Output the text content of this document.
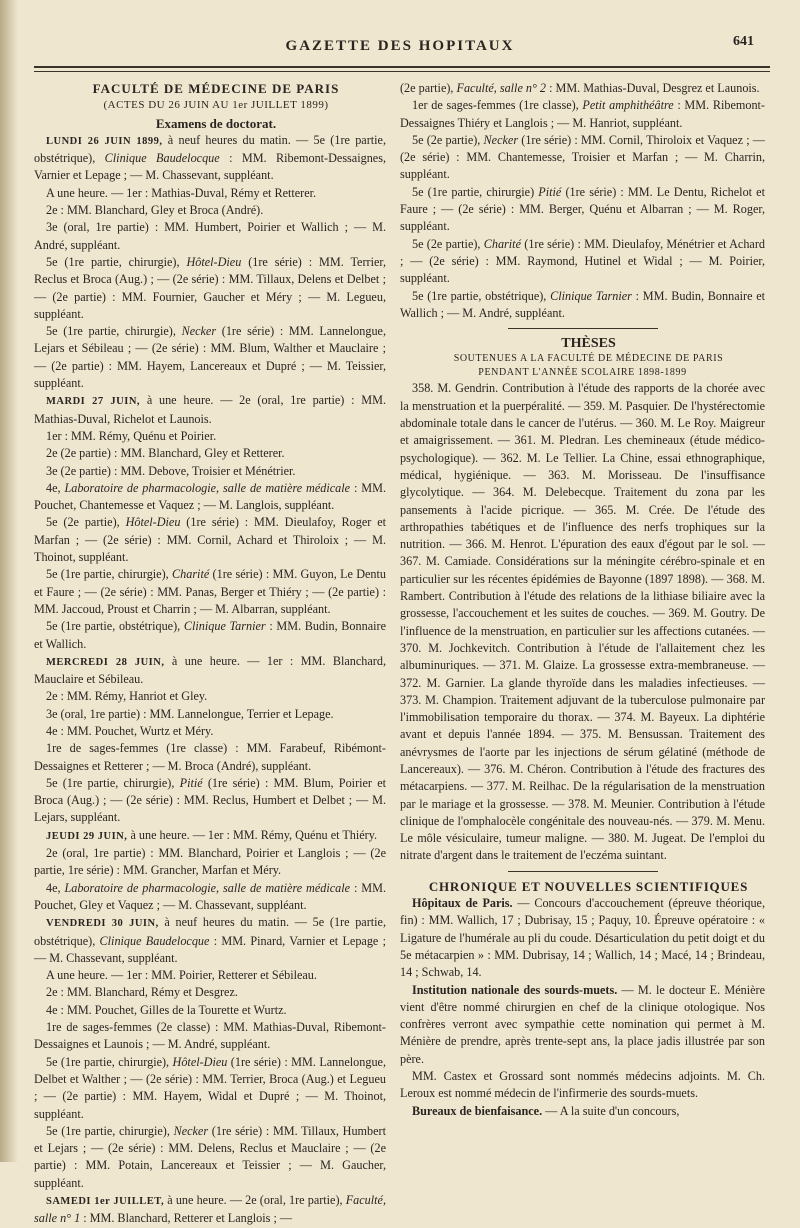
GAZETTE DES HOPITAUX	641

FACULTÉ DE MÉDECINE DE PARIS

(ACTES DU 26 JUIN AU 1er JUILLET 1899)

Examens de doctorat.

LUNDI 26 JUIN 1899, à neuf heures du matin. — 5e (1re partie, obstétrique), Clinique Baudelocque : MM. Ribemont-Dessaignes, Varnier et Lepage ; — M. Chassevant, suppléant.

A une heure. — 1er : Mathias-Duval, Rémy et Retterer.

2e : MM. Blanchard, Gley et Broca (André).

3e (oral, 1re partie) : MM. Humbert, Poirier et Wallich ; — M. André, suppléant.

5e (1re partie, chirurgie), Hôtel-Dieu (1re série) : MM. Terrier, Reclus et Broca (Aug.) ; — (2e série) : MM. Tillaux, Delens et Delbet ; — (2e partie) : MM. Fournier, Gaucher et Méry ; — M. Legueu, suppléant.

5e (1re partie, chirurgie), Necker (1re série) : MM. Lannelongue, Lejars et Sébileau ; — (2e série) : MM. Blum, Walther et Mauclaire ; — (2e partie) : MM. Hayem, Lancereaux et Dupré ; — M. Teissier, suppléant.

MARDI 27 JUIN, à une heure. — 2e (oral, 1re partie) : MM. Mathias-Duval, Richelot et Launois.

1er : MM. Rémy, Quénu et Poirier.

2e (2e partie) : MM. Blanchard, Gley et Retterer.

3e (2e partie) : MM. Debove, Troisier et Ménétrier.

4e, Laboratoire de pharmacologie, salle de matière médicale : MM. Pouchet, Chantemesse et Vaquez ; — M. Langlois, suppléant.

5e (2e partie), Hôtel-Dieu (1re série) : MM. Dieulafoy, Roger et Marfan ; — (2e série) : MM. Cornil, Achard et Thiroloix ; — M. Thoinot, suppléant.

5e (1re partie, chirurgie), Charité (1re série) : MM. Guyon, Le Dentu et Faure ; — (2e série) : MM. Panas, Berger et Thiéry ; — (2e partie) : MM. Jaccoud, Proust et Charrin ; — M. Albarran, suppléant.

5e (1re partie, obstétrique), Clinique Tarnier : MM. Budin, Bonnaire et Wallich.

MERCREDI 28 JUIN, à une heure. — 1er : MM. Blanchard, Mauclaire et Sébileau.

2e : MM. Rémy, Hanriot et Gley.

3e (oral, 1re partie) : MM. Lannelongue, Terrier et Lepage.

4e : MM. Pouchet, Wurtz et Méry.

1re de sages-femmes (1re classe) : MM. Farabeuf, Ribémont-Dessaignes et Retterer ; — M. Broca (André), suppléant.

5e (1re partie, chirurgie), Pitié (1re série) : MM. Blum, Poirier et Broca (Aug.) ; — (2e série) : MM. Reclus, Humbert et Delbet ; — M. Lejars, suppléant.

JEUDI 29 JUIN, à une heure. — 1er : MM. Rémy, Quénu et Thiéry.

2e (oral, 1re partie) : MM. Blanchard, Poirier et Langlois ; — (2e partie, 1re série) : MM. Grancher, Marfan et Méry.

4e, Laboratoire de pharmacologie, salle de matière médicale : MM. Pouchet, Gley et Vaquez ; — M. Chassevant, suppléant.

VENDREDI 30 JUIN, à neuf heures du matin. — 5e (1re partie, obstétrique), Clinique Baudelocque : MM. Pinard, Varnier et Lepage ; — M. Chassevant, suppléant.

A une heure. — 1er : MM. Poirier, Retterer et Sébileau.

2e : MM. Blanchard, Rémy et Desgrez.

4e : MM. Pouchet, Gilles de la Tourette et Wurtz.

1re de sages-femmes (2e classe) : MM. Mathias-Duval, Ribemont-Dessaignes et Launois ; — M. André, suppléant.

5e (1re partie, chirurgie), Hôtel-Dieu (1re série) : MM. Lannelongue, Delbet et Walther ; — (2e série) : MM. Terrier, Broca (Aug.) et Legueu ; — (2e partie) : MM. Hayem, Widal et Dupré ; — M. Thoinot, suppléant.

5e (1re partie, chirurgie), Necker (1re série) : MM. Tillaux, Humbert et Lejars ; — (2e série) : MM. Delens, Reclus et Mauclaire ; — (2e partie) : MM. Potain, Lancereaux et Teissier ; — M. Gaucher, suppléant.

SAMEDI 1er JUILLET, à une heure. — 2e (oral, 1re partie), Faculté, salle n° 1 : MM. Blanchard, Retterer et Langlois ; —

(2e partie), Faculté, salle n° 2 : MM. Mathias-Duval, Desgrez et Launois.

1er de sages-femmes (1re classe), Petit amphithéâtre : MM. Ribemont-Dessaignes Thiéry et Langlois ; — M. Hanriot, suppléant.

5e (2e partie), Necker (1re série) : MM. Cornil, Thiroloix et Vaquez ; — (2e série) : MM. Chantemesse, Troisier et Marfan ; — M. Charrin, suppléant.

5e (1re partie, chirurgie) Pitié (1re série) : MM. Le Dentu, Richelot et Faure ; — (2e série) : MM. Berger, Quénu et Albarran ; — M. Roger, suppléant.

5e (2e partie), Charité (1re série) : MM. Dieulafoy, Ménétrier et Achard ; — (2e série) : MM. Raymond, Hutinel et Widal ; — M. Poirier, suppléant.

5e (1re partie, obstétrique), Clinique Tarnier : MM. Budin, Bonnaire et Wallich ; — M. André, suppléant.

THÈSES

SOUTENUES A LA FACULTÉ DE MÉDECINE DE PARIS
PENDANT L'ANNÉE SCOLAIRE 1898-1899

358. M. Gendrin. Contribution à l'étude des rapports de la chorée avec la menstruation et la puerpéralité. — 359. M. Pasquier. De l'hystérectomie abdominale totale dans le cancer de l'utérus. — 360. M. Le Roy. Maigreur et amaigrissement. — 361. M. Pledran. Les chemineaux (étude médico-psychologique). — 362. M. Le Tellier. La Chine, essai ethnographique, médical, hygiénique. — 363. M. Morisseau. De l'insuffisance glycolytique. — 364. M. Delebecque. Traitement du zona par les pansements à l'acide picrique. — 365. M. Crée. De l'étude des arthropathies tabétiques et de l'influence des nerfs trophiques sur la nutrition. — 366. M. Henrot. L'épuration des eaux d'égout par le sol. — 367. M. Camiade. Considérations sur la méningite cérébro-spinale et en particulier sur les récentes épidémies de Bayonne (1897 1898). — 368. M. Rambert. Contribution à l'étude des relations de la lithiase biliaire avec la grossesse, l'accouchement et les suites de couches. — 369. M. Goutry. De l'influence de la menstruation, en particulier sur les affections cutanées. — 370. M. Jochkevitch. Contribution à l'étude de l'allaitement chez les albuminuriques. — 371. M. Glaize. La grossesse extra-membraneuse. — 372. M. Garnier. La glande thyroïde dans les maladies infectieuses. — 373. M. Champion. Traitement adjuvant de la tuberculose pulmonaire par l'immobilisation temporaire du thorax. — 374. M. Bayeux. La diphtérie avant et depuis l'année 1894. — 375. M. Bensussan. Traitement des anévrysmes de l'aorte par les injections de sérum gélatiné (méthode de Lancereaux). — 376. M. Chéron. Contribution à l'étude des fractures des métacarpiens. — 377. M. Reilhac. De la régularisation de la menstruation par le mariage et la grossesse. — 378. M. Meunier. Contribution à l'étude clinique de l'omphalocèle congénitale des nouveau-nés. — 379. M. Menu. Le môle vésiculaire, tumeur maligne. — 380. M. Jugeat. De l'emploi du nitrate d'argent dans le traitement de l'eczéma suintant.

CHRONIQUE ET NOUVELLES SCIENTIFIQUES

Hôpitaux de Paris. — Concours d'accouchement (épreuve théorique, fin) : MM. Wallich, 17 ; Dubrisay, 15 ; Paquy, 10. Épreuve opératoire : « Ligature de l'humérale au pli du coude. Désarticulation du petit doigt et du 5e métacarpien » : MM. Dubrisay, 14 ; Wallich, 14 ; Macé, 14 ; Brindeau, 14 ; Schwab, 14.

Institution nationale des sourds-muets. — M. le docteur E. Ménière vient d'être nommé chirurgien en chef de la clinique otologique. Nos confrères verront avec sympathie cette nomination qui permet à M. Ménière de prendre, après trente-sept ans, la place jadis illustrée par son père.

MM. Castex et Grossard sont nommés médecins adjoints. M. Ch. Leroux est nommé médecin de l'infirmerie des sourds-muets.

Bureaux de bienfaisance. — A la suite d'un concours,
